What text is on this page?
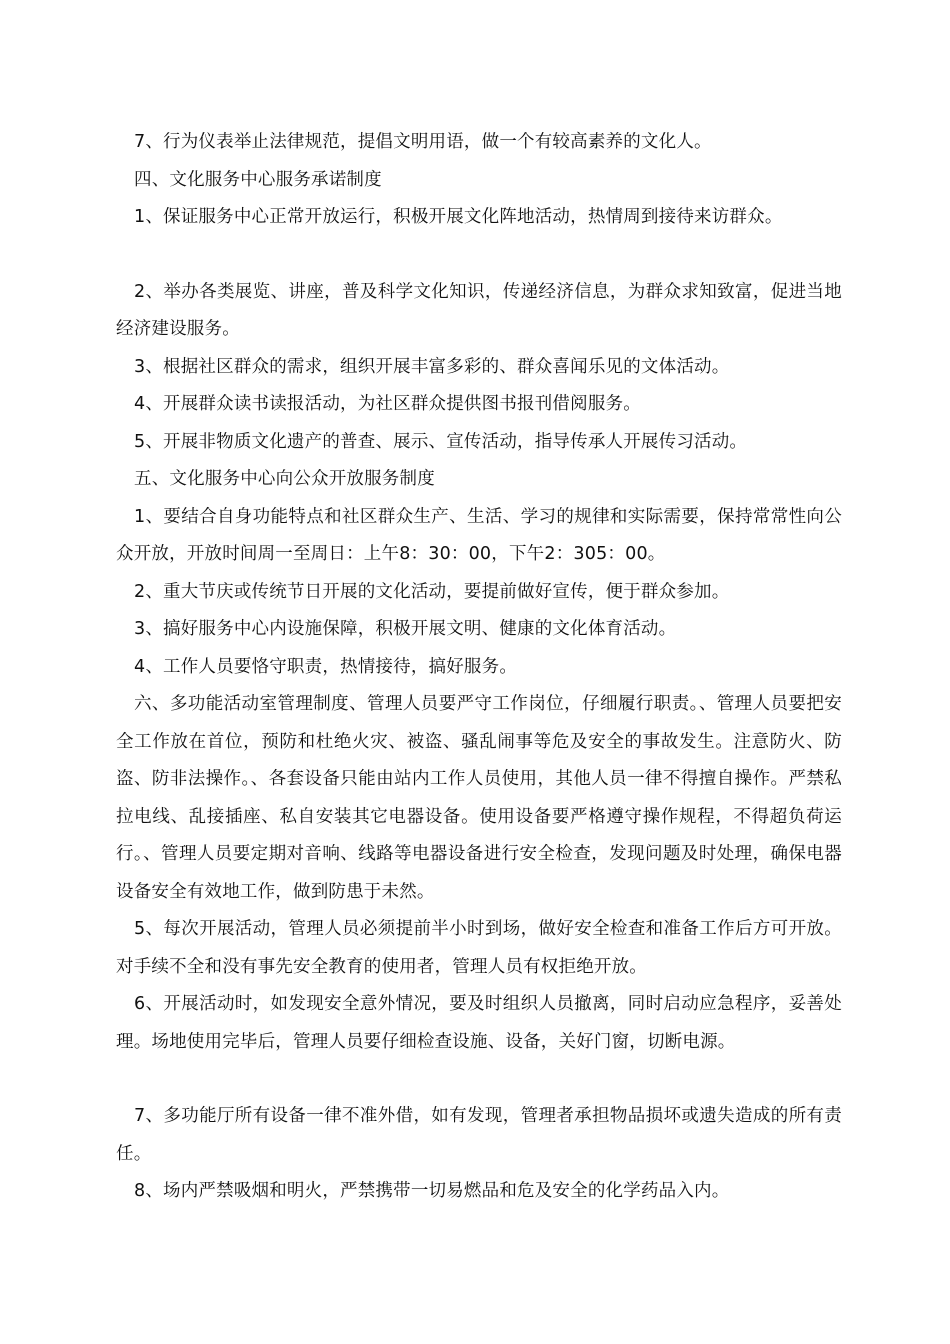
7、行为仪表举止法律规范，提倡文明用语，做一个有较高素养的文化人。

四、文化服务中心服务承诺制度

1、保证服务中心正常开放运行，积极开展文化阵地活动，热情周到接待来访群众。

2、举办各类展览、讲座，普及科学文化知识，传递经济信息，为群众求知致富，促进当地经济建设服务。

3、根据社区群众的需求，组织开展丰富多彩的、群众喜闻乐见的文体活动。

4、开展群众读书读报活动，为社区群众提供图书报刊借阅服务。

5、开展非物质文化遗产的普查、展示、宣传活动，指导传承人开展传习活动。

五、文化服务中心向公众开放服务制度

1、要结合自身功能特点和社区群众生产、生活、学习的规律和实际需要，保持常常性向公众开放，开放时间周一至周日：上午8：30：00，下午2：305：00。

2、重大节庆或传统节日开展的文化活动，要提前做好宣传，便于群众参加。

3、搞好服务中心内设施保障，积极开展文明、健康的文化体育活动。

4、工作人员要恪守职责，热情接待，搞好服务。

六、多功能活动室管理制度、管理人员要严守工作岗位，仔细履行职责。、管理人员要把安全工作放在首位，预防和杜绝火灾、被盗、骚乱闹事等危及安全的事故发生。注意防火、防盗、防非法操作。、各套设备只能由站内工作人员使用，其他人员一律不得擅自操作。严禁私拉电线、乱接插座、私自安装其它电器设备。使用设备要严格遵守操作规程，不得超负荷运行。、管理人员要定期对音响、线路等电器设备进行安全检查，发现问题及时处理，确保电器设备安全有效地工作，做到防患于未然。

5、每次开展活动，管理人员必须提前半小时到场，做好安全检查和准备工作后方可开放。对手续不全和没有事先安全教育的使用者，管理人员有权拒绝开放。

6、开展活动时，如发现安全意外情况，要及时组织人员撤离，同时启动应急程序，妥善处理。场地使用完毕后，管理人员要仔细检查设施、设备，关好门窗，切断电源。

7、多功能厅所有设备一律不准外借，如有发现，管理者承担物品损坏或遗失造成的所有责任。

8、场内严禁吸烟和明火，严禁携带一切易燃品和危及安全的化学药品入内。
